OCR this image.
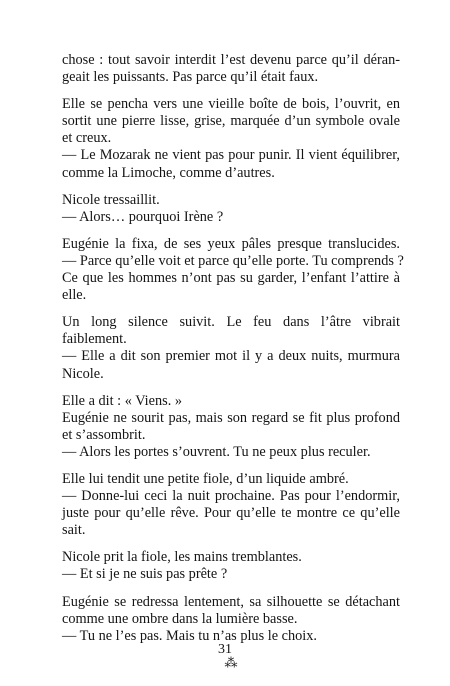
chose : tout savoir interdit l’est devenu parce qu’il déran-
geait les puissants. Pas parce qu’il était faux.
Elle se pencha vers une vieille boîte de bois, l’ouvrit, en
sortit une pierre lisse, grise, marquée d’un symbole ovale
et creux.
— Le Mozarak ne vient pas pour punir. Il vient équilibrer,
comme la Limoche, comme d’autres.
Nicole tressaillit.
— Alors… pourquoi Irène ?
Eugénie la fixa, de ses yeux pâles presque translucides.
— Parce qu’elle voit et parce qu’elle porte. Tu comprends ?
Ce que les hommes n’ont pas su garder, l’enfant l’attire à
elle.
Un long silence suivit. Le feu dans l’âtre vibrait
faiblement.
— Elle a dit son premier mot il y a deux nuits, murmura
Nicole.
Elle a dit : « Viens. »
Eugénie ne sourit pas, mais son regard se fit plus profond
et s’assombrit.
— Alors les portes s’ouvrent. Tu ne peux plus reculer.
Elle lui tendit une petite fiole, d’un liquide ambré.
— Donne-lui ceci la nuit prochaine. Pas pour l’endormir,
juste pour qu’elle rêve. Pour qu’elle te montre ce qu’elle
sait.
Nicole prit la fiole, les mains tremblantes.
— Et si je ne suis pas prête ?
Eugénie se redressa lentement, sa silhouette se détachant
comme une ombre dans la lumière basse.
— Tu ne l’es pas. Mais tu n’as plus le choix.
⁂
31
